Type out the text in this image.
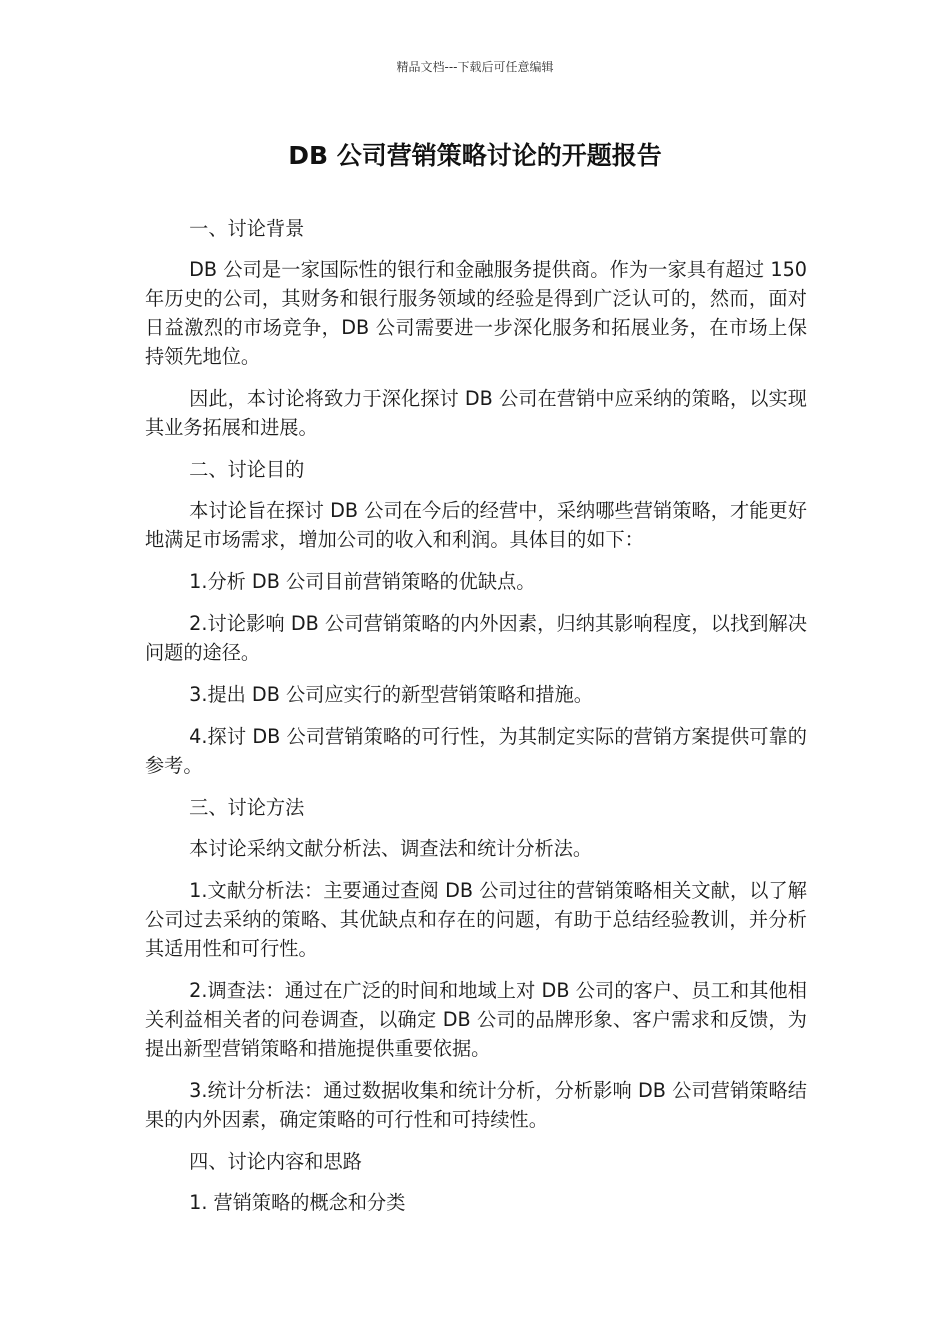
精品文档---下载后可任意编辑
DB 公司营销策略讨论的开题报告

一、讨论背景

DB 公司是一家国际性的银行和金融服务提供商。作为一家具有超过 150 年历史的公司，其财务和银行服务领域的经验是得到广泛认可的，然而，面对日益激烈的市场竞争，DB 公司需要进一步深化服务和拓展业务，在市场上保持领先地位。

因此，本讨论将致力于深化探讨 DB 公司在营销中应采纳的策略，以实现其业务拓展和进展。

二、讨论目的

本讨论旨在探讨 DB 公司在今后的经营中，采纳哪些营销策略，才能更好地满足市场需求，增加公司的收入和利润。具体目的如下：

1.分析 DB 公司目前营销策略的优缺点。

2.讨论影响 DB 公司营销策略的内外因素，归纳其影响程度，以找到解决问题的途径。

3.提出 DB 公司应实行的新型营销策略和措施。

4.探讨 DB 公司营销策略的可行性，为其制定实际的营销方案提供可靠的参考。

三、讨论方法

本讨论采纳文献分析法、调查法和统计分析法。

1.文献分析法：主要通过查阅 DB 公司过往的营销策略相关文献，以了解公司过去采纳的策略、其优缺点和存在的问题，有助于总结经验教训，并分析其适用性和可行性。

2.调查法：通过在广泛的时间和地域上对 DB 公司的客户、员工和其他相关利益相关者的问卷调查，以确定 DB 公司的品牌形象、客户需求和反馈，为提出新型营销策略和措施提供重要依据。

3.统计分析法：通过数据收集和统计分析，分析影响 DB 公司营销策略结果的内外因素，确定策略的可行性和可持续性。

四、讨论内容和思路

1. 营销策略的概念和分类
